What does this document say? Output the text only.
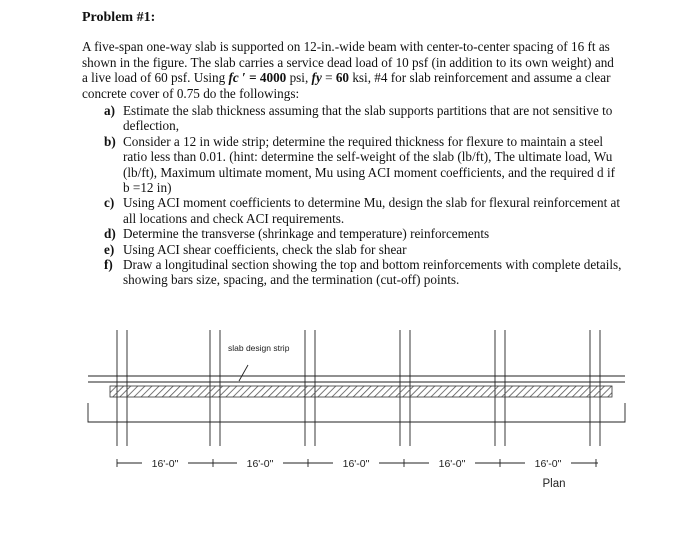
Problem #1:
A five-span one-way slab is supported on 12-in.-wide beam with center-to-center spacing of 16 ft as shown in the figure. The slab carries a service dead load of 10 psf (in addition to its own weight) and a live load of 60 psf. Using fc ′ = 4000 psi, fy = 60 ksi, #4 for slab reinforcement and assume a clear concrete cover of 0.75 do the followings:
a) Estimate the slab thickness assuming that the slab supports partitions that are not sensitive to deflection,
b) Consider a 12 in wide strip; determine the required thickness for flexure to maintain a steel ratio less than 0.01. (hint: determine the self-weight of the slab (lb/ft), The ultimate load, Wu (lb/ft), Maximum ultimate moment, Mu using ACI moment coefficients, and the required d if b =12 in)
c) Using ACI moment coefficients to determine Mu, design the slab for flexural reinforcement at all locations and check ACI requirements.
d) Determine the transverse (shrinkage and temperature) reinforcements
e) Using ACI shear coefficients, check the slab for shear
f) Draw a longitudinal section showing the top and bottom reinforcements with complete details, showing bars size, spacing, and the termination (cut-off) points.
slab design strip
16'-0"	16'-0"	16'-0"	16'-0"	16'-0"
Plan
